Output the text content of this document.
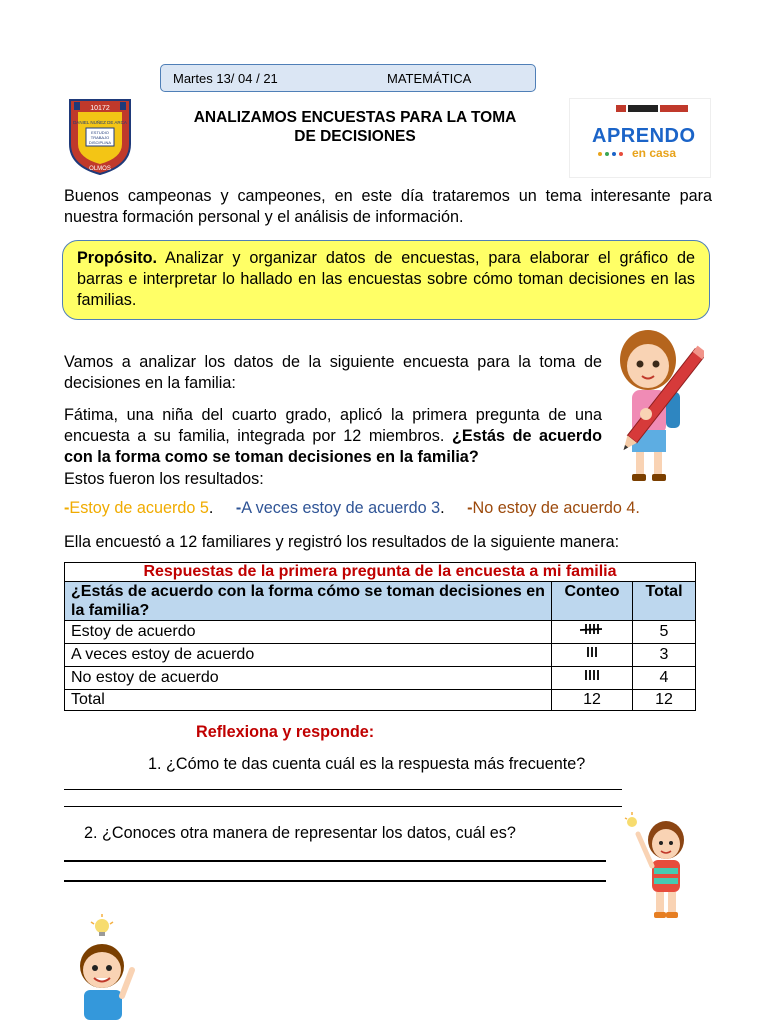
Martes 13/ 04 / 21	MATEMÁTICA
10172
DANIEL NUÑEZ DE ARCA
ESTUDIO
TRABAJO
DISCIPLINA
OLMOS
ANALIZAMOS ENCUESTAS PARA LA TOMA
DE DECISIONES	APRENDO
en casa
Buenos campeonas y campeones, en este día trataremos un tema interesante para nuestra formación personal y el análisis de información.
Propósito. Analizar y organizar datos de encuestas, para elaborar el gráfico de barras e interpretar lo hallado en las encuestas sobre cómo toman decisiones en las familias.
Vamos a analizar los datos de la siguiente encuesta para la toma de decisiones en la familia:
Fátima, una niña del cuarto grado, aplicó la primera pregunta de una encuesta a su familia, integrada por 12 miembros. ¿Estás de acuerdo con la forma como se toman decisiones en la familia?
Estos fueron los resultados:
-Estoy de acuerdo 5. -A veces estoy de acuerdo 3. -No estoy de acuerdo 4.
Ella encuestó a 12 familiares y registró los resultados de la siguiente manera:
Respuestas de la primera pregunta de la encuesta a mi familia		
¿Estás de acuerdo con la forma cómo se toman decisiones en la familia?	Conteo	Total
Estoy de acuerdo		5
A veces estoy de acuerdo		3
No estoy de acuerdo		4
Total	12	12
Reflexiona y responde:
1. ¿Cómo te das cuenta cuál es la respuesta más frecuente?
2. ¿Conoces otra manera de representar los datos, cuál es?
